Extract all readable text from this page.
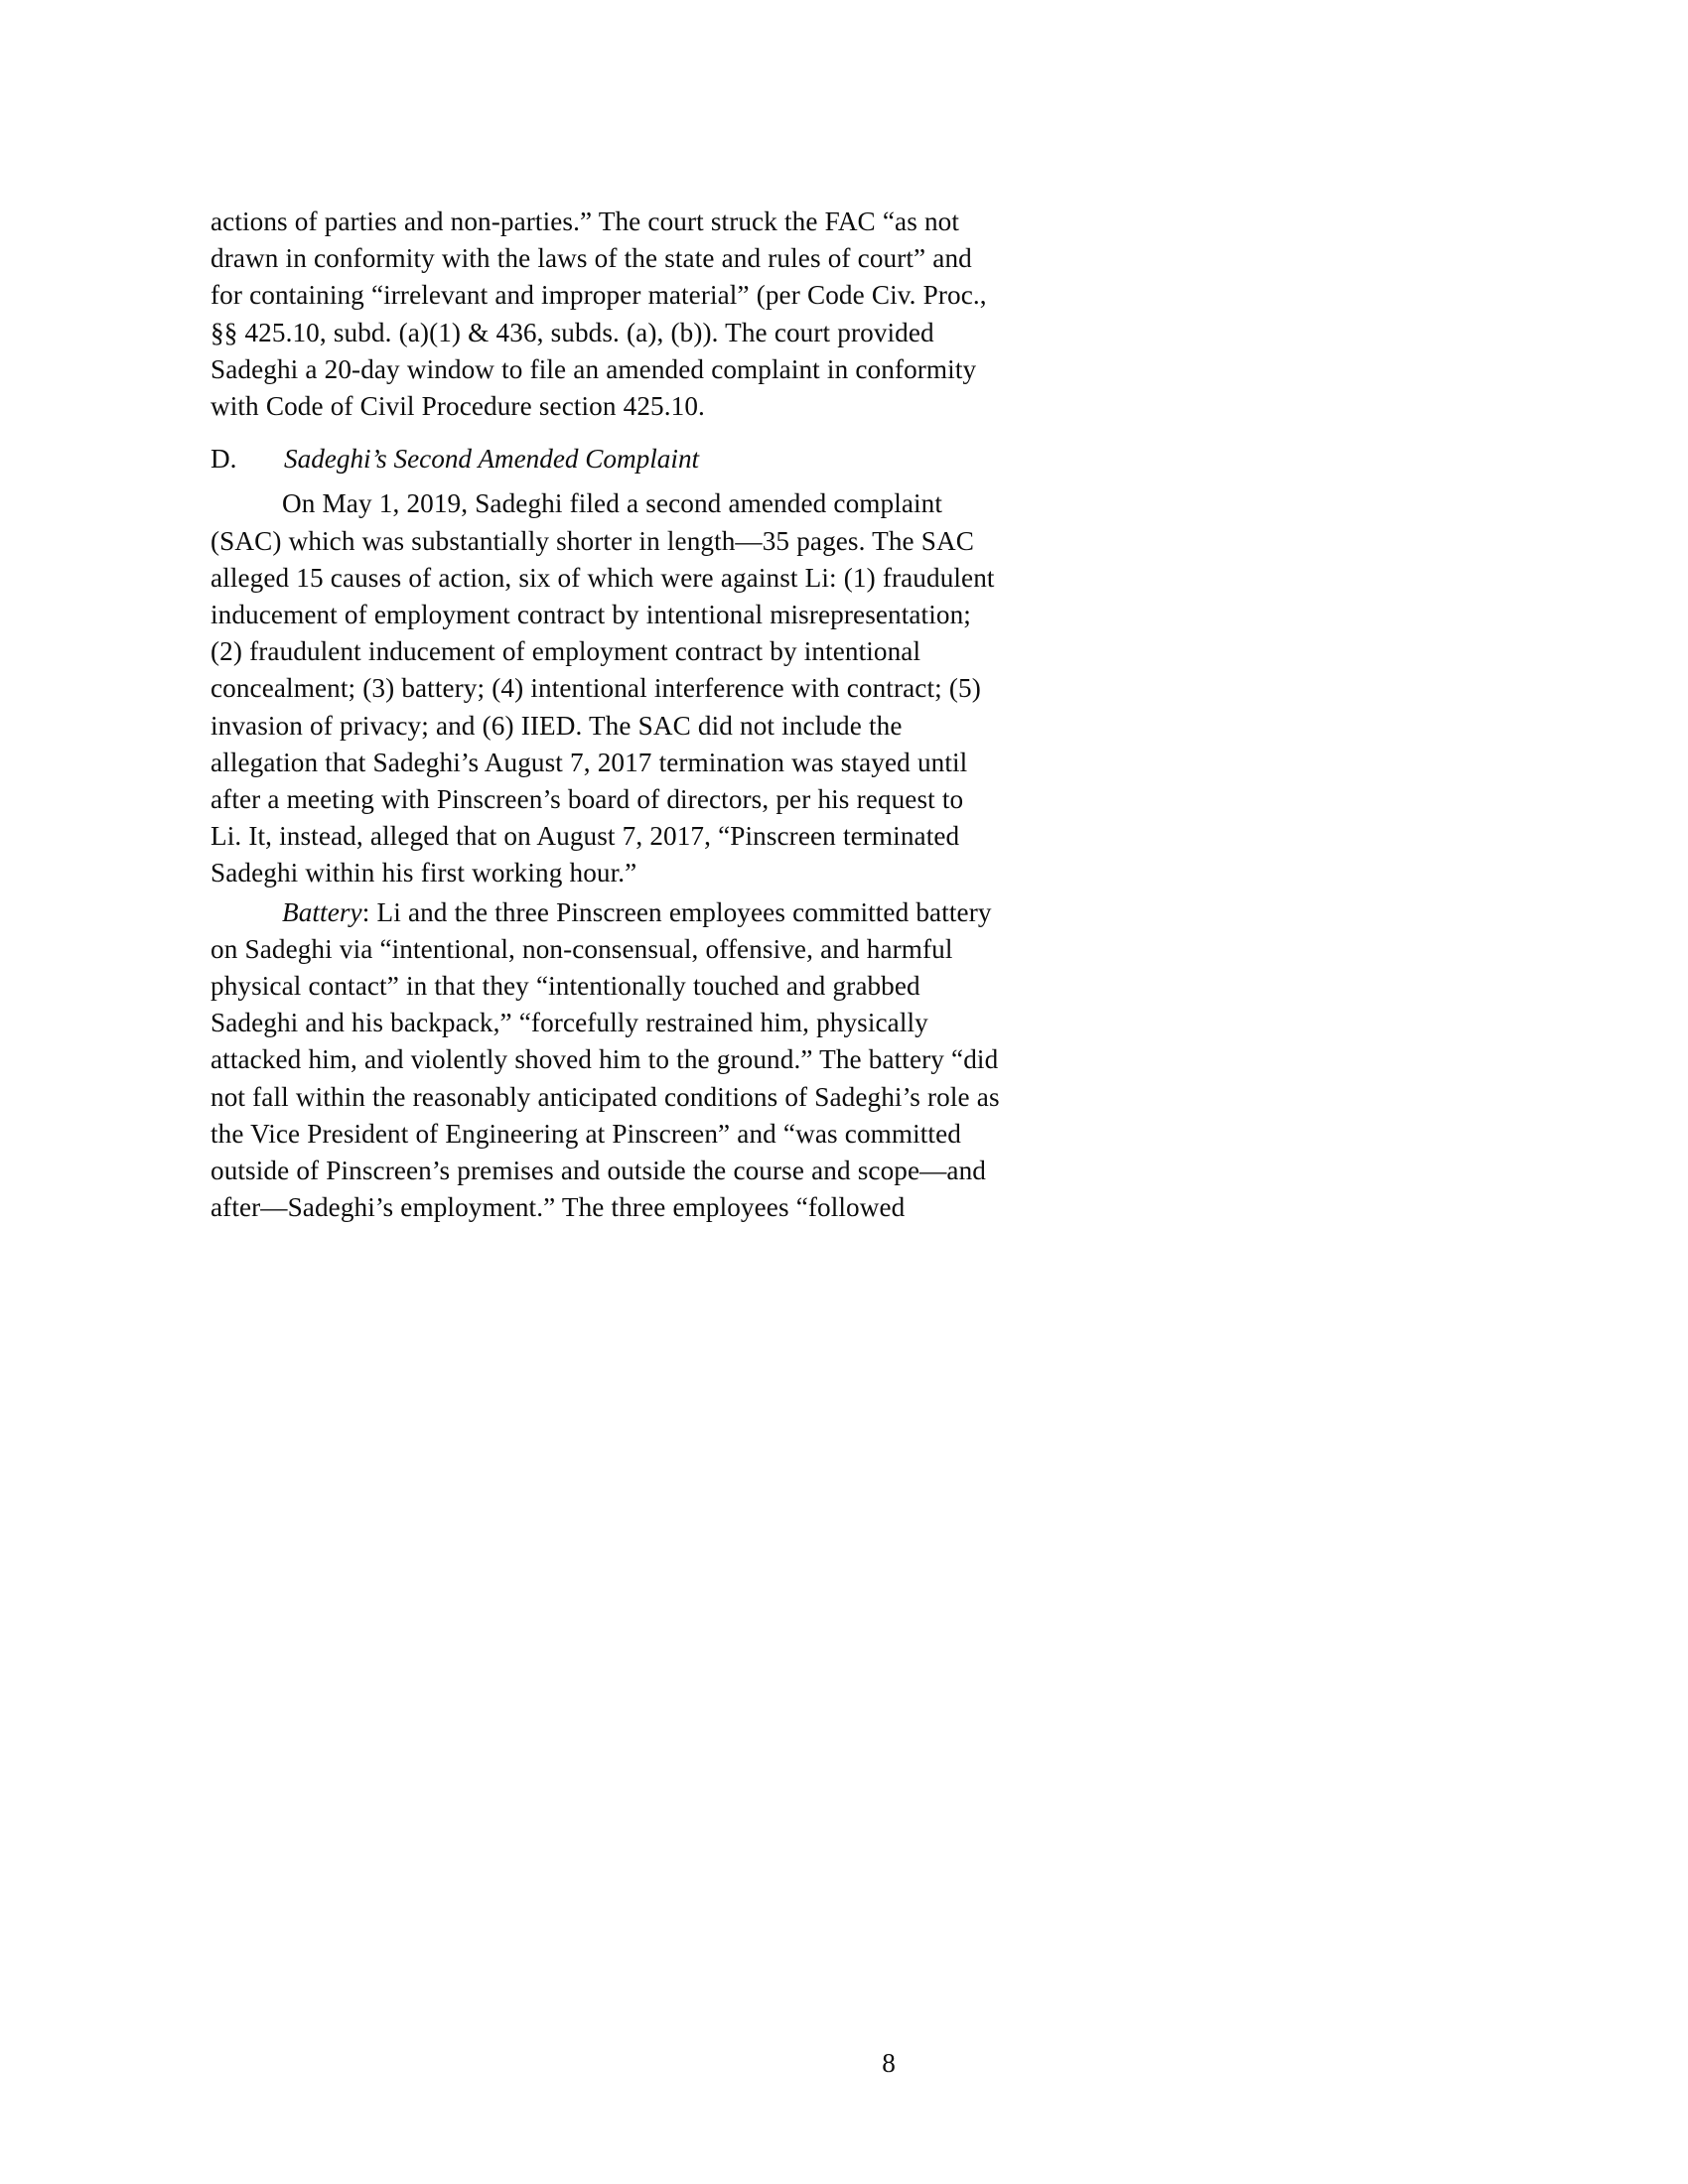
actions of parties and non-parties.” The court struck the FAC “as not drawn in conformity with the laws of the state and rules of court” and for containing “irrelevant and improper material” (per Code Civ. Proc., §§ 425.10, subd. (a)(1) & 436, subds. (a), (b)). The court provided Sadeghi a 20-day window to file an amended complaint in conformity with Code of Civil Procedure section 425.10.

D. Sadeghi’s Second Amended Complaint

On May 1, 2019, Sadeghi filed a second amended complaint (SAC) which was substantially shorter in length—35 pages. The SAC alleged 15 causes of action, six of which were against Li: (1) fraudulent inducement of employment contract by intentional misrepresentation; (2) fraudulent inducement of employment contract by intentional concealment; (3) battery; (4) intentional interference with contract; (5) invasion of privacy; and (6) IIED. The SAC did not include the allegation that Sadeghi’s August 7, 2017 termination was stayed until after a meeting with Pinscreen’s board of directors, per his request to Li. It, instead, alleged that on August 7, 2017, “Pinscreen terminated Sadeghi within his first working hour.”

Battery: Li and the three Pinscreen employees committed battery on Sadeghi via “intentional, non-consensual, offensive, and harmful physical contact” in that they “intentionally touched and grabbed Sadeghi and his backpack,” “forcefully restrained him, physically attacked him, and violently shoved him to the ground.” The battery “did not fall within the reasonably anticipated conditions of Sadeghi’s role as the Vice President of Engineering at Pinscreen” and “was committed outside of Pinscreen’s premises and outside the course and scope—and after—Sadeghi’s employment.” The three employees “followed

8
